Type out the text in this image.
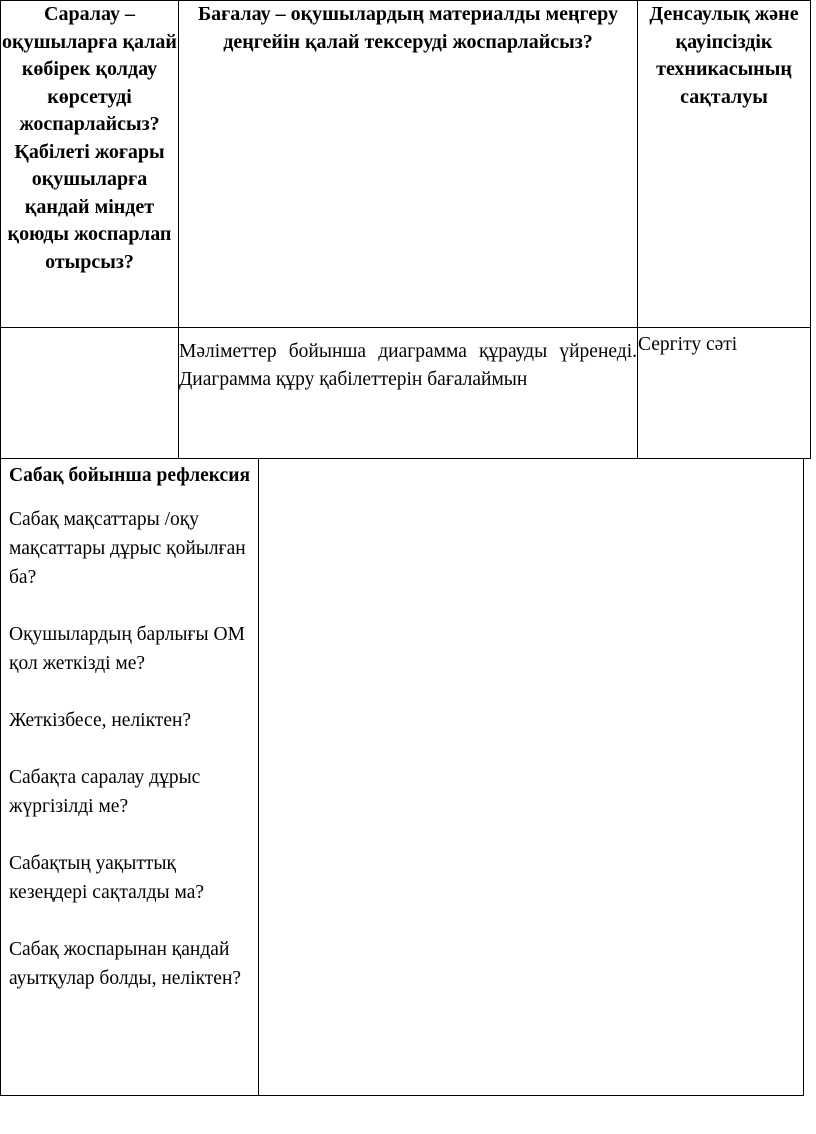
Саралау – оқушыларға қалай көбірек қолдау көрсетуді жоспарлайсыз? Қабілеті жоғары оқушыларға қандай міндет қоюды жоспарлап отырсыз?	Бағалау – оқушылардың материалды меңгеру деңгейін қалай тексеруді жоспарлайсыз?	Денсаулық және қауіпсіздік техникасының сақталуы

	Мәліметтер бойынша диаграмма құрауды үйренеді. Диаграмма құру қабілеттерін бағалаймын	Сергіту сәті
Сабақ бойынша рефлексия
Сабақ мақсаттары /оқу мақсаттары дұрыс қойылған ба?
Оқушылардың барлығы ОМ қол жеткізді ме?
Жеткізбесе, неліктен?
Сабақта саралау дұрыс жүргізілді ме?
Сабақтың уақыттық кезеңдері сақталды ма?
Сабақ жоспарынан қандай ауытқулар болды, неліктен?
